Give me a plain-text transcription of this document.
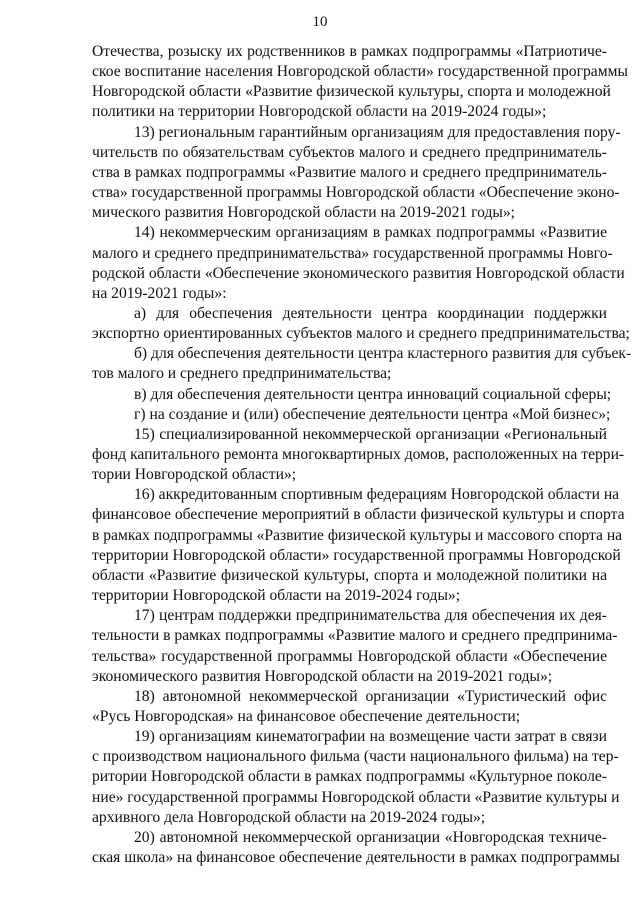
10
Отечества, розыску их родственников в рамках подпрограммы «Патриотиче-
ское воспитание населения Новгородской области» государственной программы
Новгородской области «Развитие физической культуры, спорта и молодежной
политики на территории Новгородской области на 2019-2024 годы»;
13) региональным гарантийным организациям для предоставления пору-
чительств по обязательствам субъектов малого и среднего предприниматель-
ства в рамках подпрограммы «Развитие малого и среднего предприниматель-
ства» государственной программы Новгородской области «Обеспечение эконо-
мического развития Новгородской области на 2019-2021 годы»;
14) некоммерческим организациям в рамках подпрограммы «Развитие
малого и среднего предпринимательства» государственной программы Новго-
родской области «Обеспечение экономического развития Новгородской области
на 2019-2021 годы»:
а) для обеспечения деятельности центра координации поддержки
экспортно ориентированных субъектов малого и среднего предпринимательства;
б) для обеспечения деятельности центра кластерного развития для субъек-
тов малого и среднего предпринимательства;
в) для обеспечения деятельности центра инноваций социальной сферы;
г) на создание и (или) обеспечение деятельности центра «Мой бизнес»;
15) специализированной некоммерческой организации «Региональный
фонд капитального ремонта многоквартирных домов, расположенных на терри-
тории Новгородской области»;
16) аккредитованным спортивным федерациям Новгородской области на
финансовое обеспечение мероприятий в области физической культуры и спорта
в рамках подпрограммы «Развитие физической культуры и массового спорта на
территории Новгородской области» государственной программы Новгородской
области «Развитие физической культуры, спорта и молодежной политики на
территории Новгородской области на 2019-2024 годы»;
17) центрам поддержки предпринимательства для обеспечения их дея-
тельности в рамках подпрограммы «Развитие малого и среднего предпринима-
тельства» государственной программы Новгородской области «Обеспечение
экономического развития Новгородской области на 2019-2021 годы»;
18) автономной некоммерческой организации «Туристический офис
«Русь Новгородская» на финансовое обеспечение деятельности;
19) организациям кинематографии на возмещение части затрат в связи
с производством национального фильма (части национального фильма) на тер-
ритории Новгородской области в рамках подпрограммы «Культурное поколе-
ние» государственной программы Новгородской области «Развитие культуры и
архивного дела Новгородской области на 2019-2024 годы»;
20) автономной некоммерческой организации «Новгородская техниче-
ская школа» на финансовое обеспечение деятельности в рамках подпрограммы
